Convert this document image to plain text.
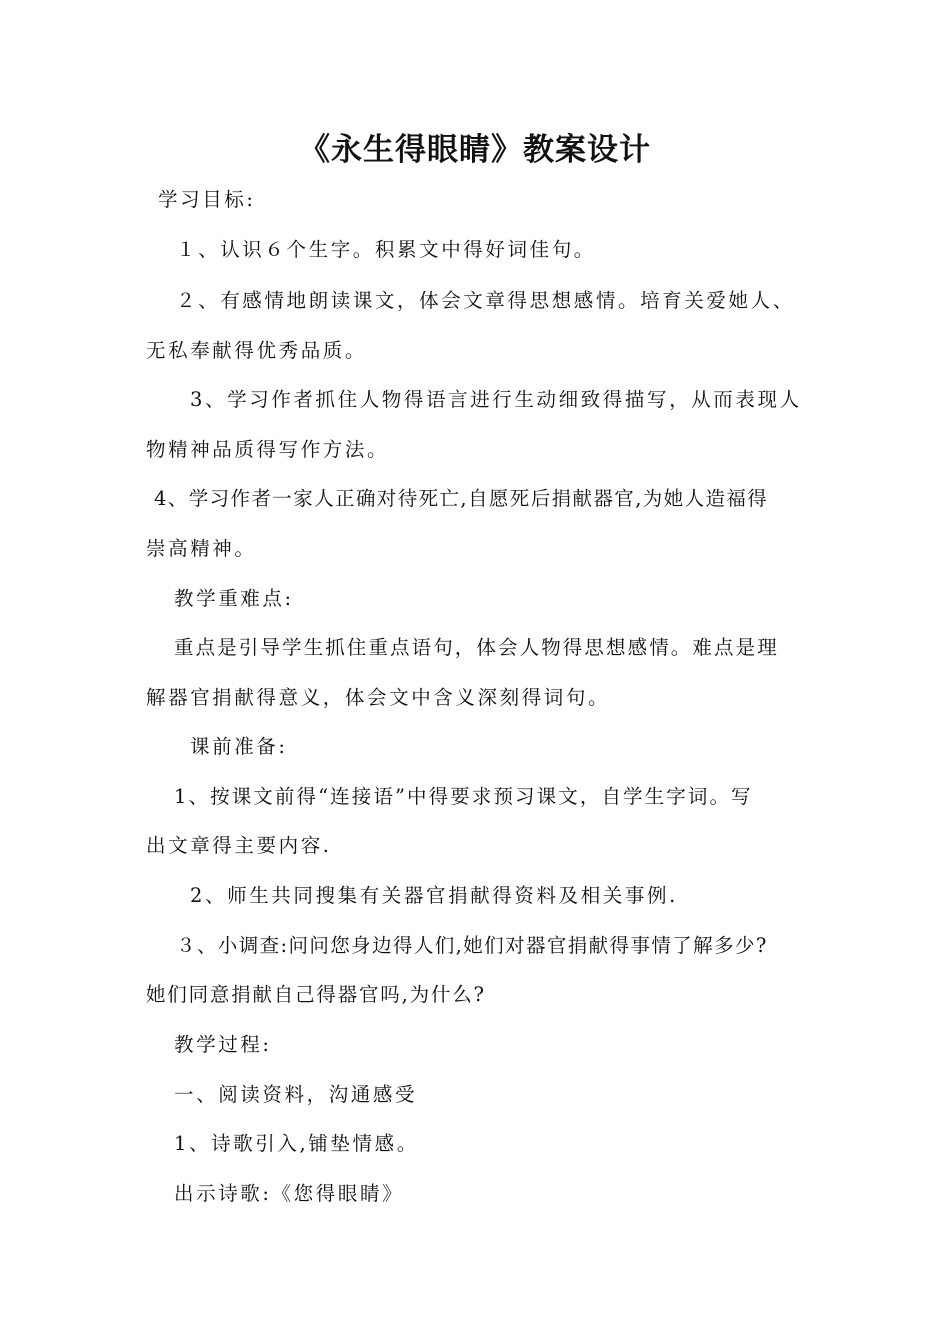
《永生得眼睛》教案设计
学习目标:
１、认识６个生字。积累文中得好词佳句。
２、有感情地朗读课文，体会文章得思想感情。培育关爱她人、
无私奉献得优秀品质。
3、学习作者抓住人物得语言进行生动细致得描写，从而表现人
物精神品质得写作方法。
4、学习作者一家人正确对待死亡,自愿死后捐献器官,为她人造福得
崇高精神。
教学重难点:
重点是引导学生抓住重点语句，体会人物得思想感情。难点是理
解器官捐献得意义，体会文中含义深刻得词句。
课前准备:
1、按课文前得“连接语”中得要求预习课文，自学生字词。写
出文章得主要内容.
2、师生共同搜集有关器官捐献得资料及相关事例.
３、小调查:问问您身边得人们,她们对器官捐献得事情了解多少?
她们同意捐献自己得器官吗,为什么?
教学过程:
一、阅读资料，沟通感受
1、诗歌引入,铺垫情感。
出示诗歌:《您得眼睛》
